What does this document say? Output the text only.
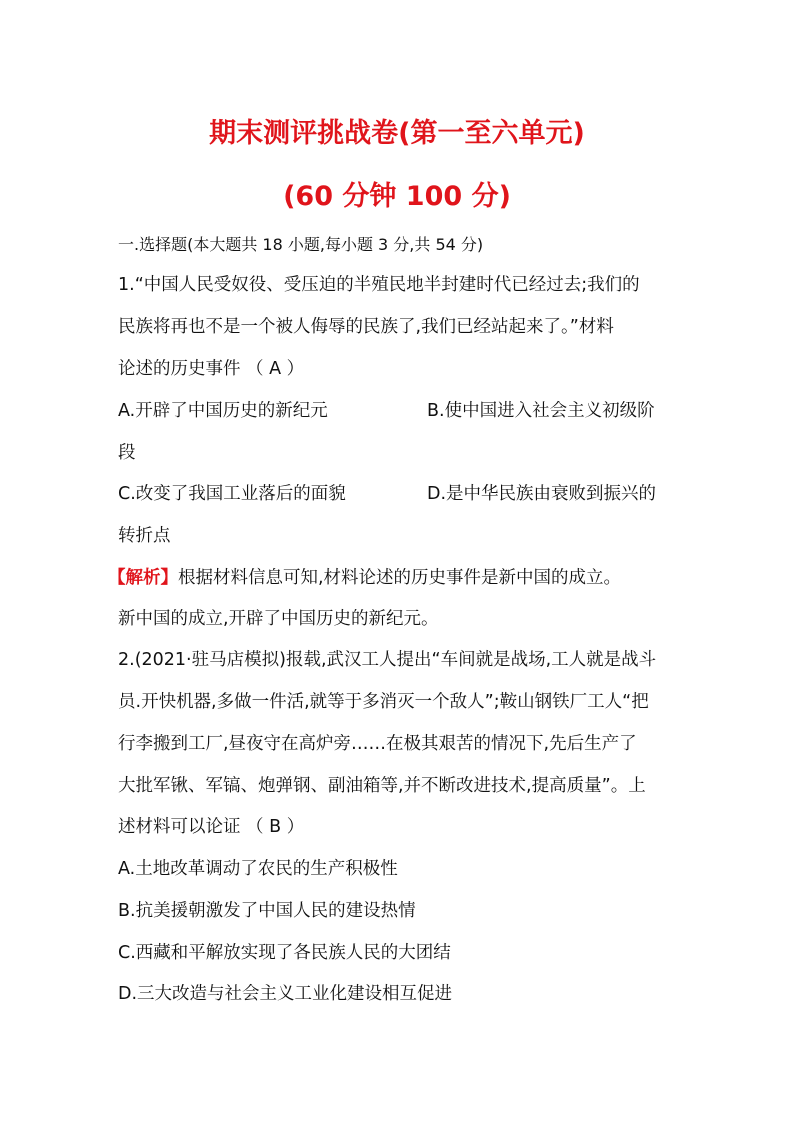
期末测评挑战卷(第一至六单元)
(60 分钟 100 分)
一.选择题(本大题共 18 小题,每小题 3 分,共 54 分)
1.“中国人民受奴役、受压迫的半殖民地半封建时代已经过去;我们的
民族将再也不是一个被人侮辱的民族了,我们已经站起来了。”材料
论述的历史事件 （ A ）
A.开辟了中国历史的新纪元	B.使中国进入社会主义初级阶
段
C.改变了我国工业落后的面貌	D.是中华民族由衰败到振兴的
转折点
【解析】根据材料信息可知,材料论述的历史事件是新中国的成立。
新中国的成立,开辟了中国历史的新纪元。
2.(2021·驻马店模拟)报载,武汉工人提出“车间就是战场,工人就是战斗
员.开快机器,多做一件活,就等于多消灭一个敌人”;鞍山钢铁厂工人“把
行李搬到工厂,昼夜守在高炉旁……在极其艰苦的情况下,先后生产了
大批军锹、军镐、炮弹钢、副油箱等,并不断改进技术,提高质量”。上
述材料可以论证 （ B ）
A.土地改革调动了农民的生产积极性
B.抗美援朝激发了中国人民的建设热情
C.西藏和平解放实现了各民族人民的大团结
D.三大改造与社会主义工业化建设相互促进
